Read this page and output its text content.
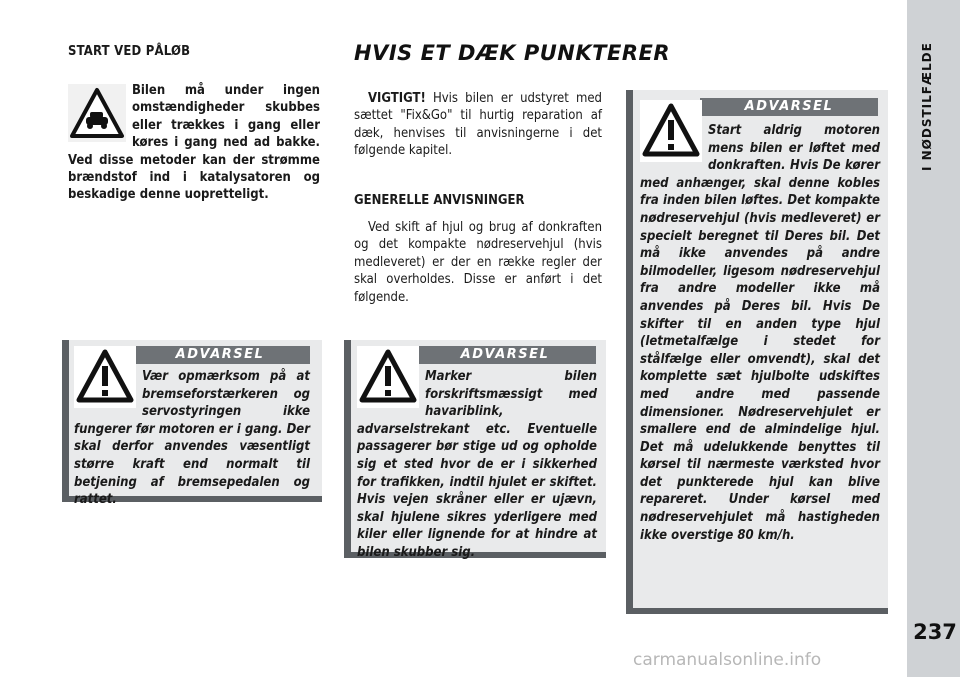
I NØDSTILFÆLDE
237
START VED PÅLØB
Bilen må under ingen omstændigheder skubbes eller trækkes i gang eller køres i gang ned ad bakke. Ved disse metoder kan der strømme brændstof ind i katalysatoren og beskadige denne uopretteligt.
HVIS ET DÆK PUNKTERER
VIGTIGT! Hvis bilen er udstyret med sættet "Fix&Go" til hurtig reparation af dæk, henvises til anvisningerne i det følgende kapitel.
GENERELLE ANVISNINGER
Ved skift af hjul og brug af donkraften og det kompakte nødreservehjul (hvis medleveret) er der en række regler der skal overholdes. Disse er anført i det følgende.
ADVARSEL
Vær opmærksom på at bremseforstærkeren og servostyringen ikke fungerer før motoren er i gang. Der skal derfor anvendes væsentligt større kraft end normalt til betjening af bremsepedalen og rattet.
ADVARSEL
Marker bilen forskriftsmæssigt med havariblink, advarselstrekant etc. Eventuelle passagerer bør stige ud og opholde sig et sted hvor de er i sikkerhed for trafikken, indtil hjulet er skiftet. Hvis vejen skråner eller er ujævn, skal hjulene sikres yderligere med kiler eller lignende for at hindre at bilen skubber sig.
ADVARSEL
Start aldrig motoren mens bilen er løftet med donkraften. Hvis De kører med anhænger, skal denne kobles fra inden bilen løftes. Det kompakte nødreservehjul (hvis medleveret) er specielt beregnet til Deres bil. Det må ikke anvendes på andre bilmodeller, ligesom nødreservehjul fra andre modeller ikke må anvendes på Deres bil. Hvis De skifter til en anden type hjul (letmetalfælge i stedet for stålfælge eller omvendt), skal det komplette sæt hjulbolte udskiftes med andre med passende dimensioner. Nødreservehjulet er smallere end de almindelige hjul. Det må udelukkende benyttes til kørsel til nærmeste værksted hvor det punkterede hjul kan blive repareret. Under kørsel med nødreservehjulet må hastigheden ikke overstige 80 km/h.
carmanualsonline.info
